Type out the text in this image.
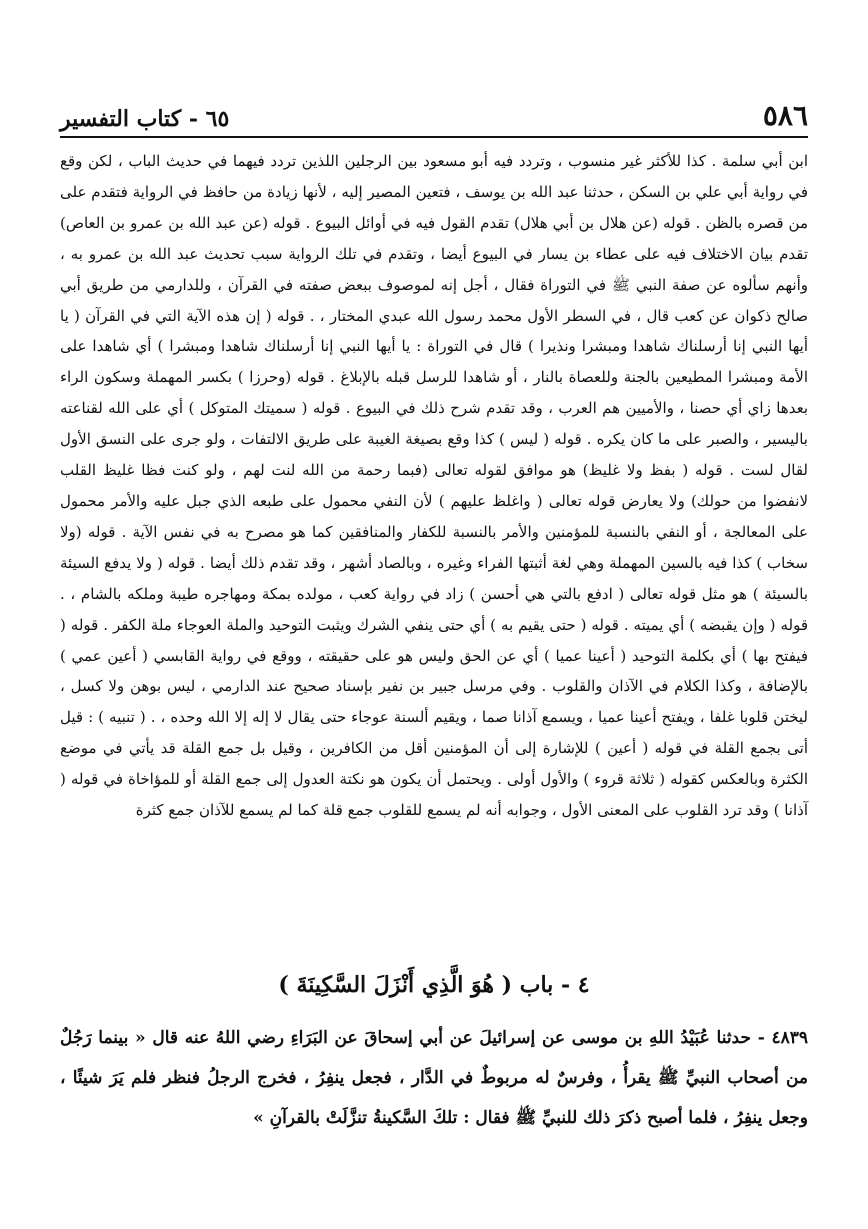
٥٨٦
٦٥ - كتاب التفسير

ابن أبي سلمة . كذا للأكثر غير منسوب ، وتردد فيه أبو مسعود بين الرجلين اللذين تردد فيهما في حديث الباب ، لكن وقع في رواية أبي علي بن السكن ، حدثنا عبد الله بن يوسف ، فتعين المصير إليه ، لأنها زيادة من حافظ في الرواية فتقدم على من قصره بالظن . قوله (عن هلال بن أبي هلال) تقدم القول فيه في أوائل البيوع . قوله (عن عبد الله بن عمرو بن العاص) تقدم بيان الاختلاف فيه على عطاء بن يسار في البيوع أيضا ، وتقدم في تلك الرواية سبب تحديث عبد الله بن عمرو به ، وأنهم سألوه عن صفة النبي ﷺ في التوراة فقال ، أجل إنه لموصوف ببعض صفته في القرآن ، وللدارمي من طريق أبي صالح ذكوان عن كعب قال ، في السطر الأول محمد رسول الله عبدي المختار ، . قوله ( إن هذه الآية التي في القرآن ( يا أيها النبي إنا أرسلناك شاهدا ومبشرا ونذيرا ) قال في التوراة : يا أيها النبي إنا أرسلناك شاهدا ومبشرا ) أي شاهدا على الأمة ومبشرا المطيعين بالجنة وللعصاة بالنار ، أو شاهدا للرسل قبله بالإبلاغ . قوله (وحرزا ) بكسر المهملة وسكون الراء بعدها زاي أي حصنا ، والأميين هم العرب ، وقد تقدم شرح ذلك في البيوع . قوله ( سميتك المتوكل ) أي على الله لقناعته باليسير ، والصبر على ما كان يكره . قوله ( ليس ) كذا وقع بصيغة الغيبة على طريق الالتفات ، ولو جرى على النسق الأول لقال لست . قوله ( بفظ ولا غليظ) هو موافق لقوله تعالى (فبما رحمة من الله لنت لهم ، ولو كنت فظا غليظ القلب لانفضوا من حولك) ولا يعارض قوله تعالى ( واغلظ عليهم ) لأن النفي محمول على طبعه الذي جبل عليه والأمر محمول على المعالجة ، أو النفي بالنسبة للمؤمنين والأمر بالنسبة للكفار والمنافقين كما هو مصرح به في نفس الآية . قوله (ولا سخاب ) كذا فيه بالسين المهملة وهي لغة أثبتها الفراء وغيره ، وبالصاد أشهر ، وقد تقدم ذلك أيضا . قوله ( ولا يدفع السيئة بالسيئة ) هو مثل قوله تعالى ( ادفع بالتي هي أحسن ) زاد في رواية كعب ، مولده بمكة ومهاجره طيبة وملكه بالشام ، . قوله ( وإن يقبضه ) أي يميته . قوله ( حتى يقيم به ) أي حتى ينفي الشرك ويثبت التوحيد والملة العوجاء ملة الكفر . قوله ( فيفتح بها ) أي بكلمة التوحيد ( أعينا عميا ) أي عن الحق وليس هو على حقيقته ، ووقع في رواية القابسي ( أعين عمي ) بالإضافة ، وكذا الكلام في الآذان والقلوب . وفي مرسل جبير بن نفير بإسناد صحيح عند الدارمي ، ليس بوهن ولا كسل ، ليختن قلوبا غلفا ، ويفتح أعينا عميا ، ويسمع آذانا صما ، ويقيم ألسنة عوجاء حتى يقال لا إله إلا الله وحده ، . ( تنبيه ) : قيل أتى بجمع القلة في قوله ( أعين ) للإشارة إلى أن المؤمنين أقل من الكافرين ، وقيل بل جمع القلة قد يأتي في موضع الكثرة وبالعكس كقوله ( ثلاثة قروء ) والأول أولى . ويحتمل أن يكون هو نكتة العدول إلى جمع القلة أو للمؤاخاة في قوله ( آذانا ) وقد ترد القلوب على المعنى الأول ، وجوابه أنه لم يسمع للقلوب جمع قلة كما لم يسمع للآذان جمع كثرة

٤ - باب ( هُوَ الَّذِي أَنْزَلَ السَّكِينَةَ )

٤٨٣٩ - حدثنا عُبَيْدُ اللهِ بن موسى عن إسرائيلَ عن أبي إسحاقَ عن البَرَاءِ رضي اللهُ عنه قال « بينما رَجُلٌ من أصحاب النبيِّ ﷺ يقرأُ ، وفرسٌ له مربوطٌ في الدَّار ، فجعل ينفِرُ ، فخرج الرجلُ فنظر فلم يَرَ شيئًا ، وجعل ينفِرُ ، فلما أصبح ذكرَ ذلك للنبيِّ ﷺ فقال : تلكَ السَّكينةُ تنزَّلَتْ بالقرآنِ »
